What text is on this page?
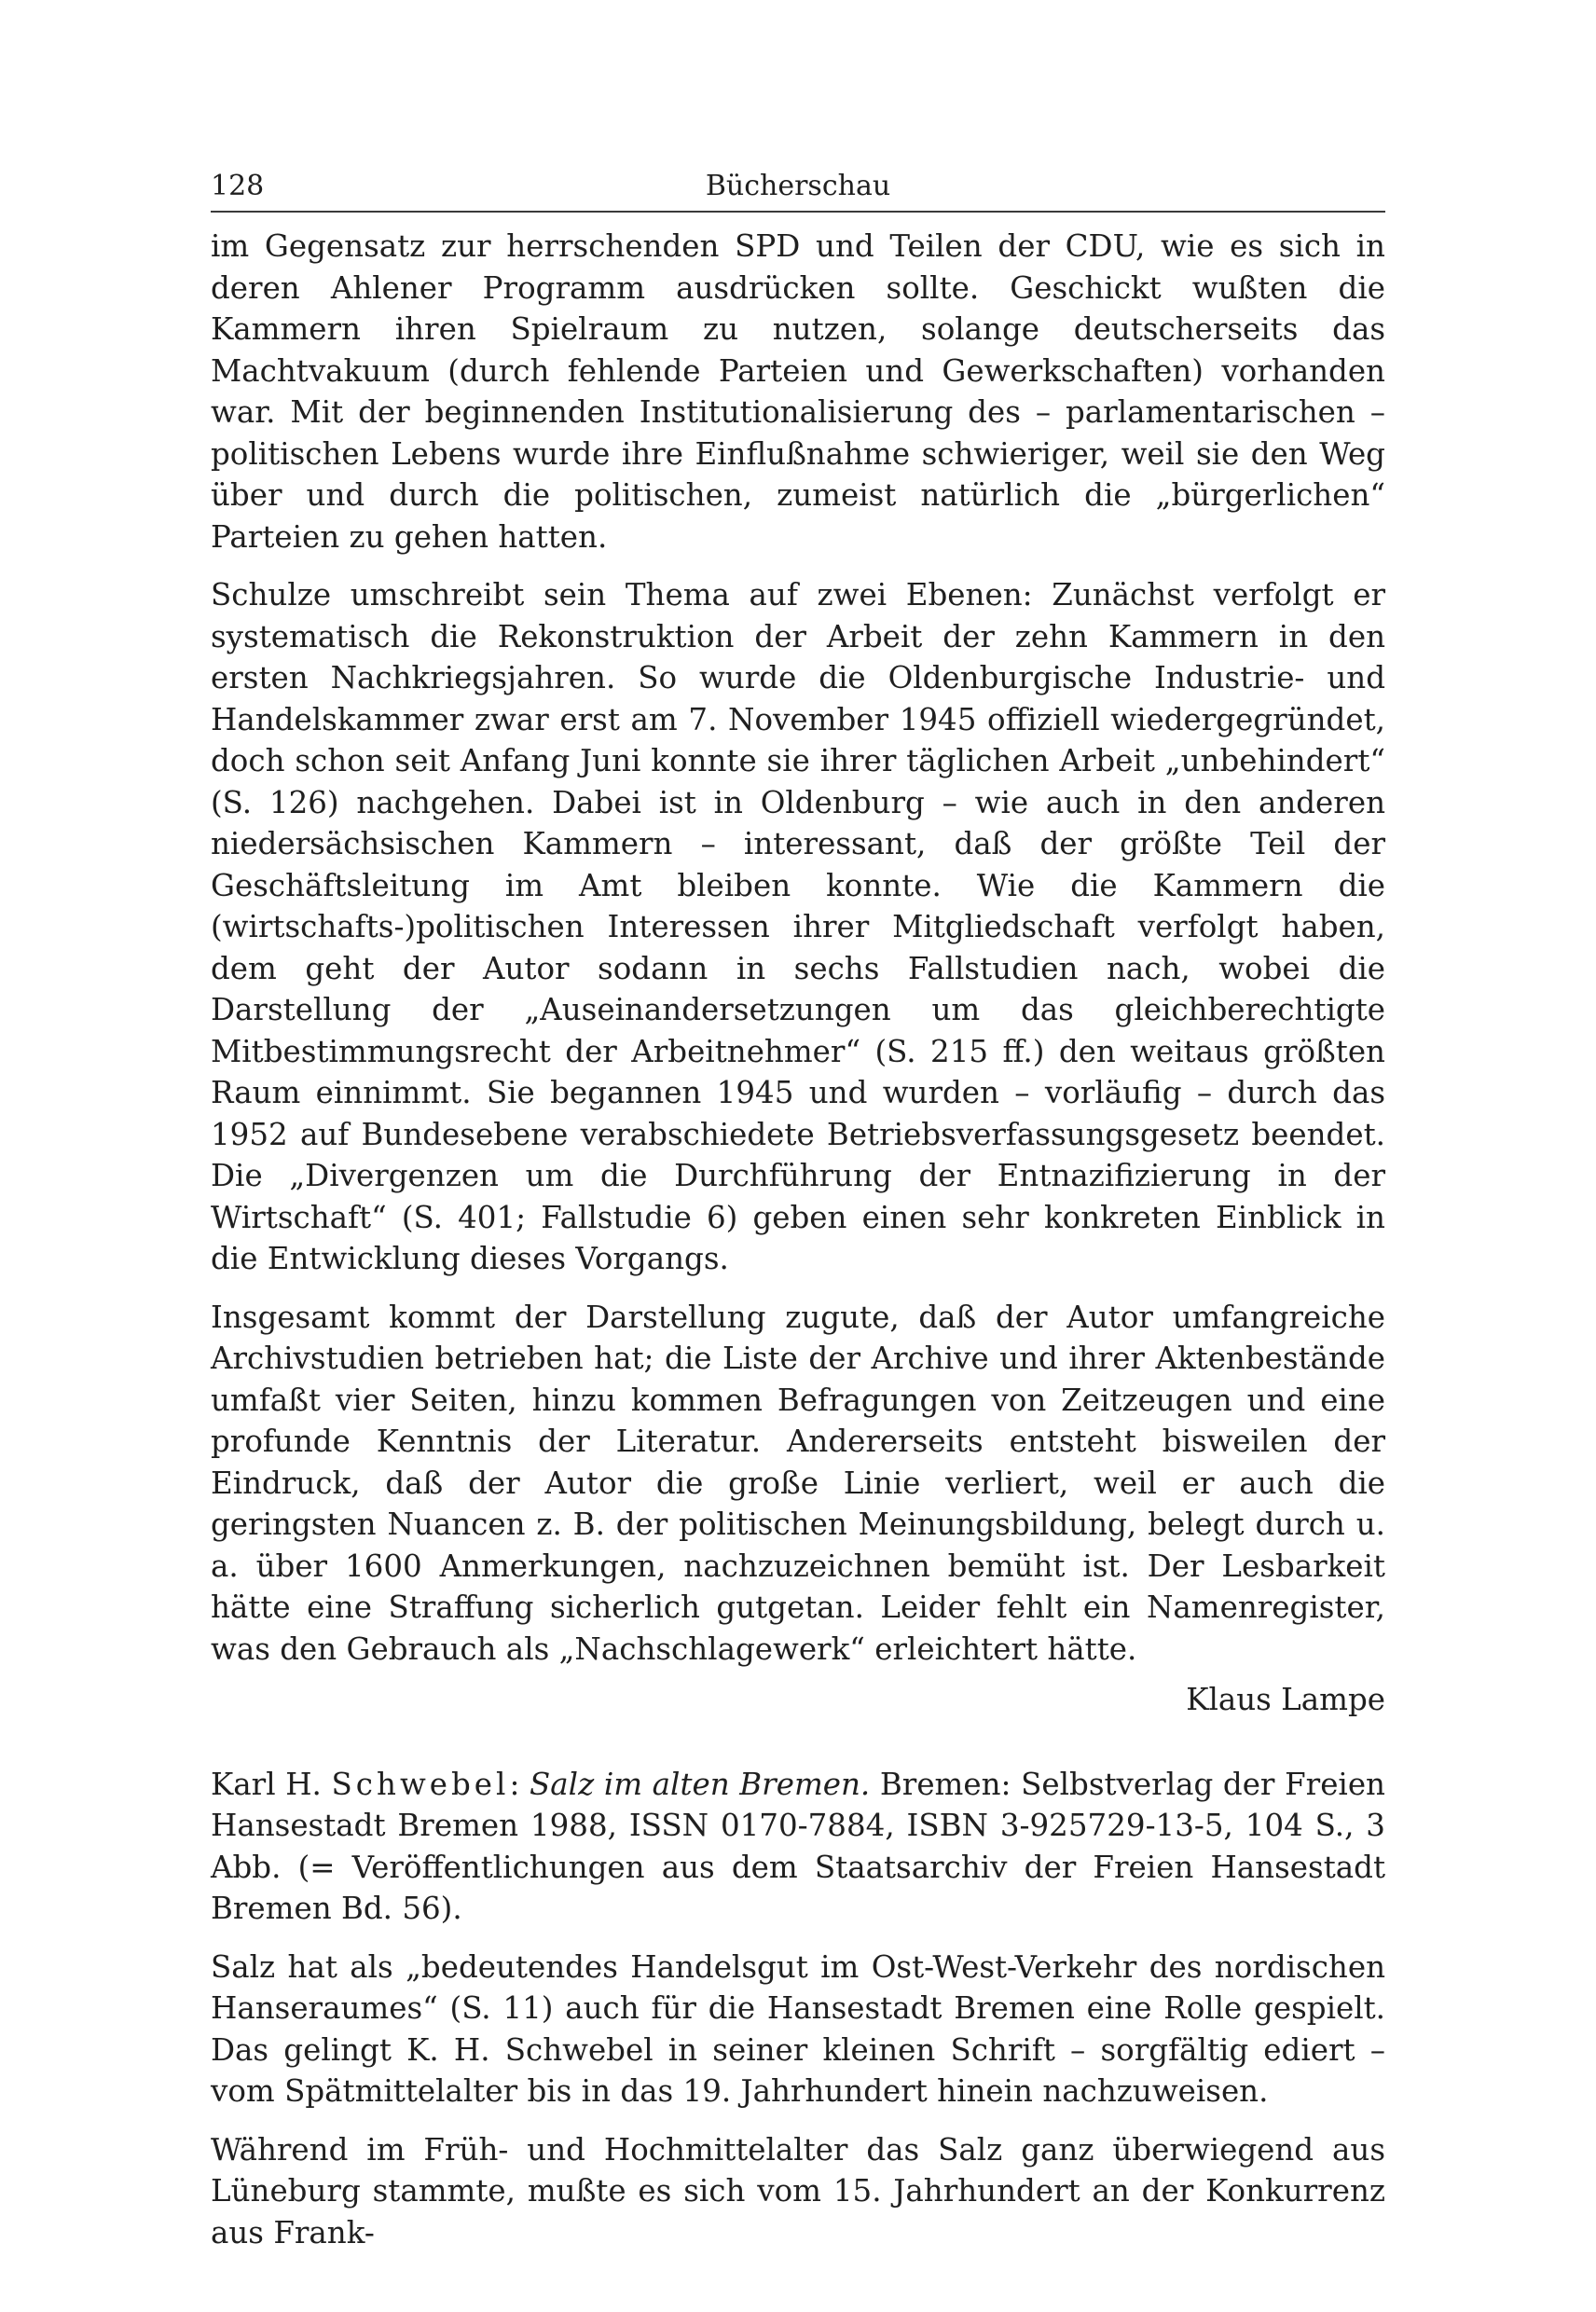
128	Bücherschau

im Gegensatz zur herrschenden SPD und Teilen der CDU, wie es sich in deren Ahlener Programm ausdrücken sollte. Geschickt wußten die Kammern ihren Spielraum zu nutzen, solange deutscherseits das Machtvakuum (durch fehlende Parteien und Gewerkschaften) vorhanden war. Mit der beginnenden Institutionalisierung des – parlamentarischen – politischen Lebens wurde ihre Einflußnahme schwieriger, weil sie den Weg über und durch die politischen, zumeist natürlich die „bürgerlichen“ Parteien zu gehen hatten.

Schulze umschreibt sein Thema auf zwei Ebenen: Zunächst verfolgt er systematisch die Rekonstruktion der Arbeit der zehn Kammern in den ersten Nachkriegsjahren. So wurde die Oldenburgische Industrie- und Handelskammer zwar erst am 7. November 1945 offiziell wiedergegründet, doch schon seit Anfang Juni konnte sie ihrer täglichen Arbeit „unbehindert“ (S. 126) nachgehen. Dabei ist in Oldenburg – wie auch in den anderen niedersächsischen Kammern – interessant, daß der größte Teil der Geschäftsleitung im Amt bleiben konnte. Wie die Kammern die (wirtschafts-)politischen Interessen ihrer Mitgliedschaft verfolgt haben, dem geht der Autor sodann in sechs Fallstudien nach, wobei die Darstellung der „Auseinandersetzungen um das gleichberechtigte Mitbestimmungsrecht der Arbeitnehmer“ (S. 215 ff.) den weitaus größten Raum einnimmt. Sie begannen 1945 und wurden – vorläufig – durch das 1952 auf Bundesebene verabschiedete Betriebsverfassungsgesetz beendet. Die „Divergenzen um die Durchführung der Entnazifizierung in der Wirtschaft“ (S. 401; Fallstudie 6) geben einen sehr konkreten Einblick in die Entwicklung dieses Vorgangs.

Insgesamt kommt der Darstellung zugute, daß der Autor umfangreiche Archivstudien betrieben hat; die Liste der Archive und ihrer Aktenbestände umfaßt vier Seiten, hinzu kommen Befragungen von Zeitzeugen und eine profunde Kenntnis der Literatur. Andererseits entsteht bisweilen der Eindruck, daß der Autor die große Linie verliert, weil er auch die geringsten Nuancen z. B. der politischen Meinungsbildung, belegt durch u. a. über 1600 Anmerkungen, nachzuzeichnen bemüht ist. Der Lesbarkeit hätte eine Straffung sicherlich gutgetan. Leider fehlt ein Namenregister, was den Gebrauch als „Nachschlagewerk“ erleichtert hätte.

Klaus Lampe

Karl H. Schwebel: Salz im alten Bremen. Bremen: Selbstverlag der Freien Hansestadt Bremen 1988, ISSN 0170-7884, ISBN 3-925729-13-5, 104 S., 3 Abb. (= Veröffentlichungen aus dem Staatsarchiv der Freien Hansestadt Bremen Bd. 56).

Salz hat als „bedeutendes Handelsgut im Ost-West-Verkehr des nordischen Hanseraumes“ (S. 11) auch für die Hansestadt Bremen eine Rolle gespielt. Das gelingt K. H. Schwebel in seiner kleinen Schrift – sorgfältig ediert – vom Spätmittelalter bis in das 19. Jahrhundert hinein nachzuweisen.

Während im Früh- und Hochmittelalter das Salz ganz überwiegend aus Lüneburg stammte, mußte es sich vom 15. Jahrhundert an der Konkurrenz aus Frank-
